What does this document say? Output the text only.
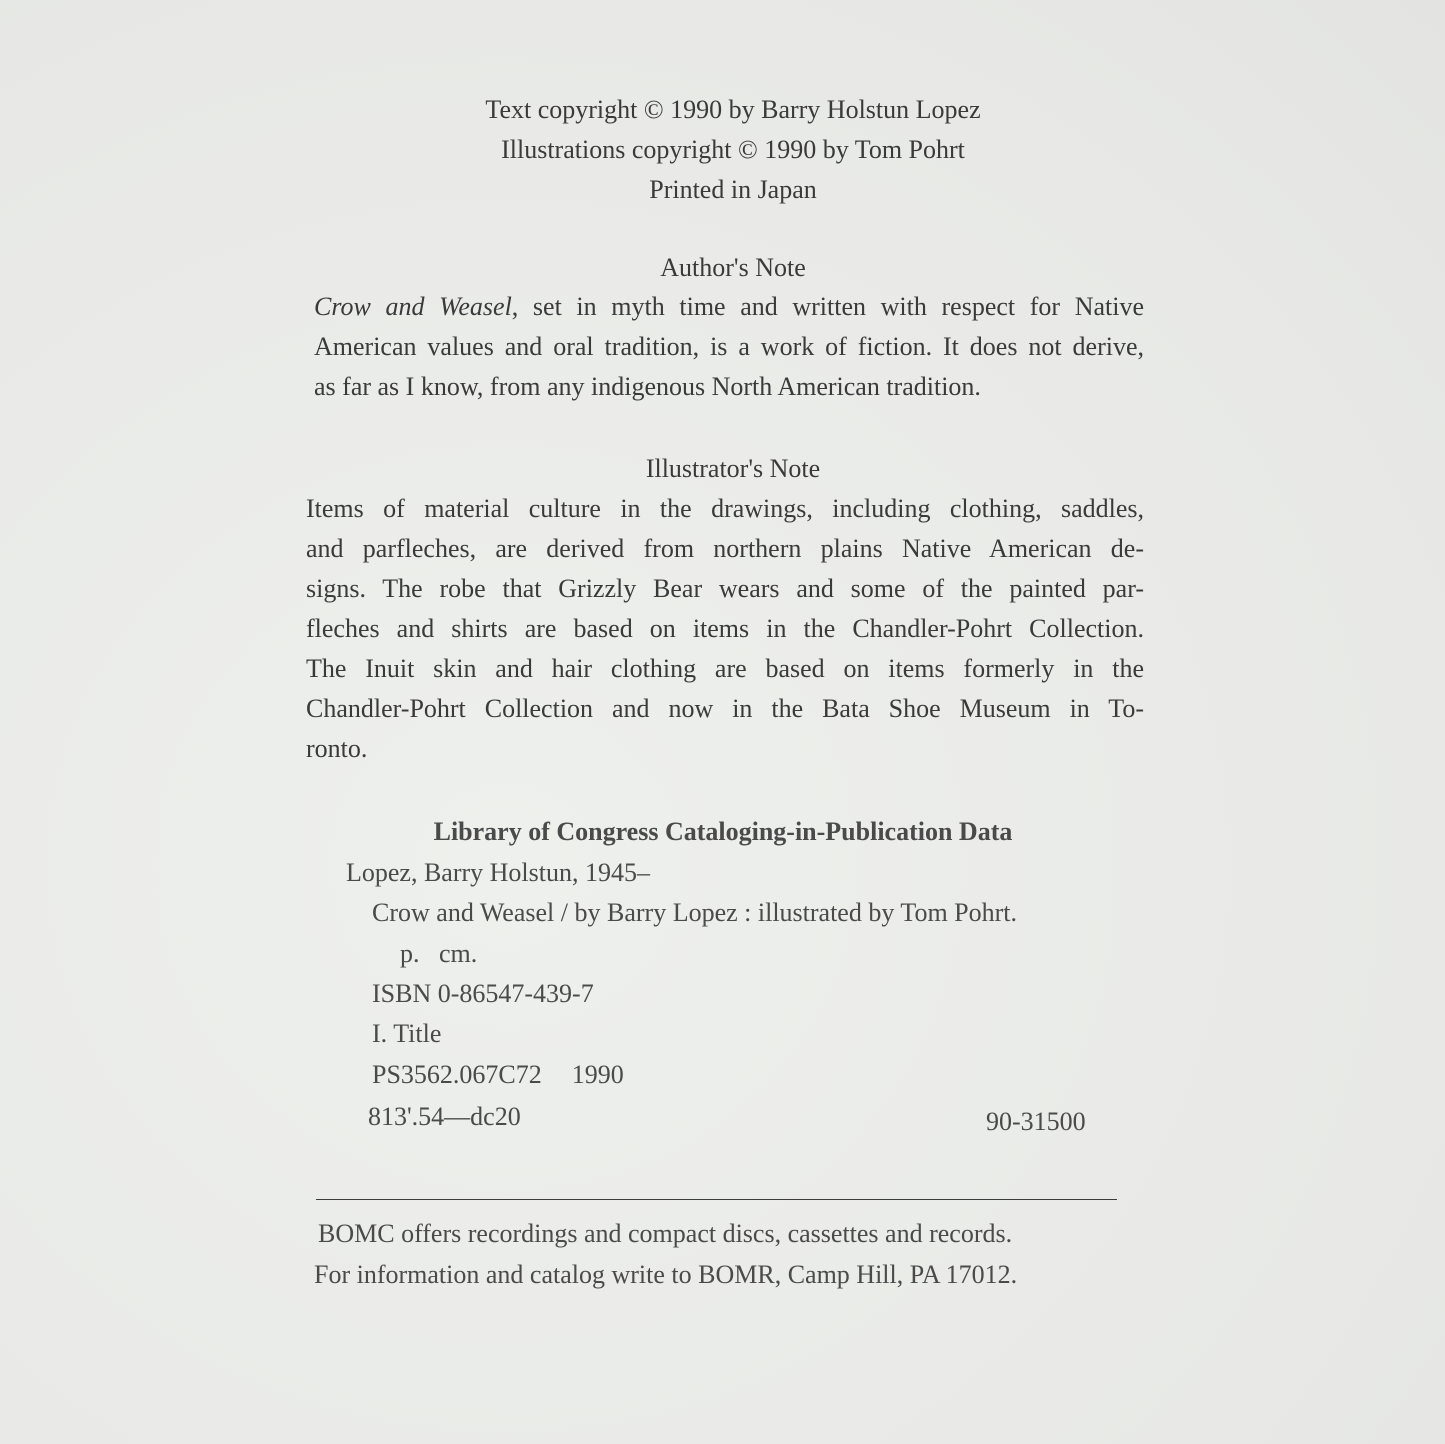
Text copyright © 1990 by Barry Holstun Lopez
Illustrations copyright © 1990 by Tom Pohrt
Printed in Japan
Author's Note
Crow and Weasel, set in myth time and written with respect for Native
American values and oral tradition, is a work of fiction. It does not derive,
as far as I know, from any indigenous North American tradition.
Illustrator's Note
Items of material culture in the drawings, including clothing, saddles,
and parfleches, are derived from northern plains Native American de-
signs. The robe that Grizzly Bear wears and some of the painted par-
fleches and shirts are based on items in the Chandler-Pohrt Collection.
The Inuit skin and hair clothing are based on items formerly in the
Chandler-Pohrt Collection and now in the Bata Shoe Museum in To-
ronto.
Library of Congress Cataloging-in-Publication Data
Lopez, Barry Holstun, 1945–
Crow and Weasel / by Barry Lopez : illustrated by Tom Pohrt.
p.   cm.
ISBN 0-86547-439-7
I. Title
PS3562.067C72 1990
813'.54—dc20	90-31500
BOMC offers recordings and compact discs, cassettes and records.
For information and catalog write to BOMR, Camp Hill, PA 17012.
